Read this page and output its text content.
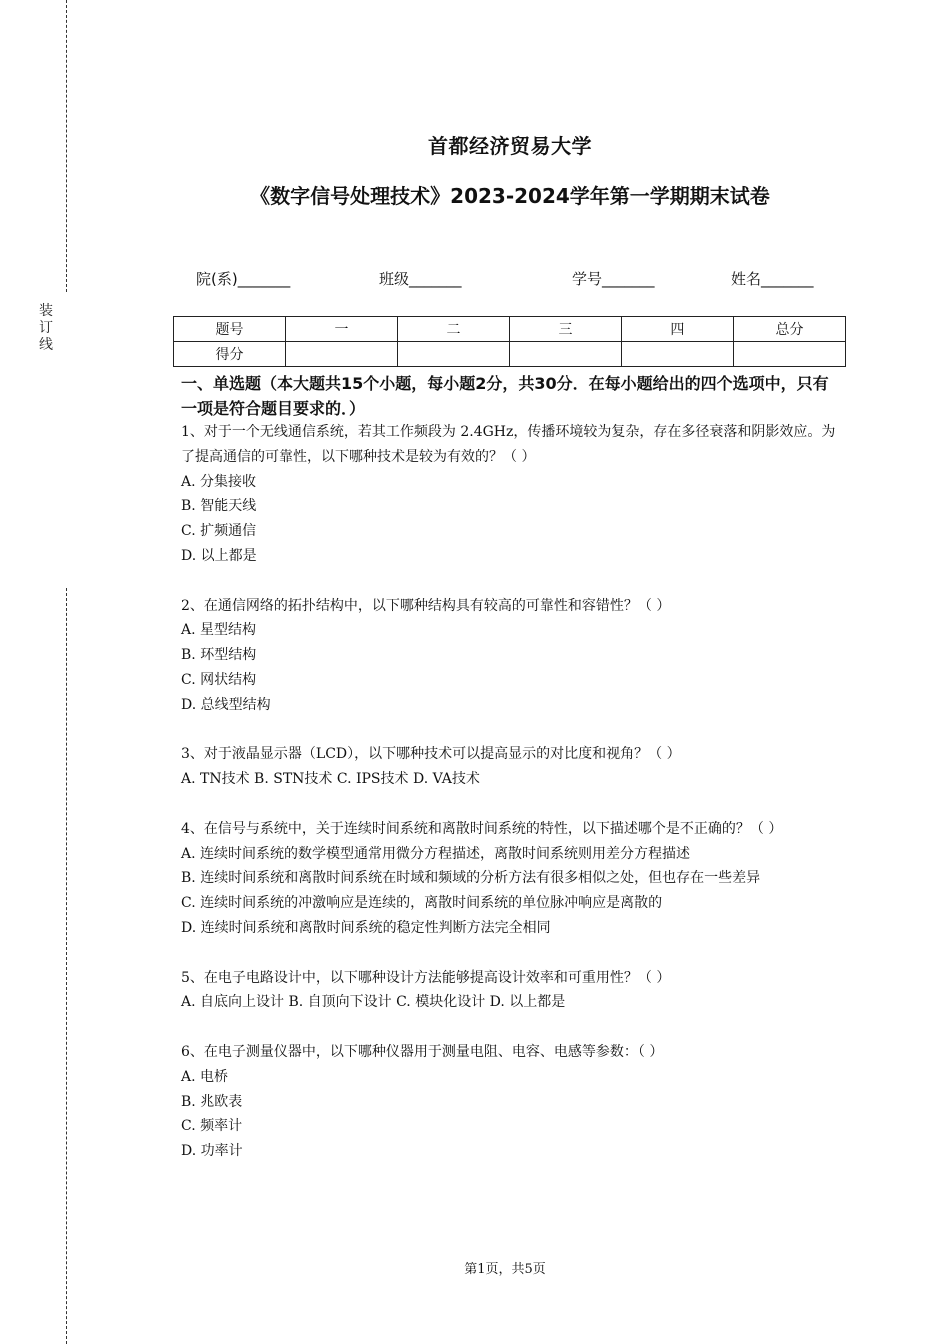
装订线
首都经济贸易大学
《数字信号处理技术》2023-2024学年第一学期期末试卷
院(系)_______	班级_______	学号_______	姓名_______
题号	一	二	三	四	总分
得分					
一、单选题（本大题共15个小题，每小题2分，共30分．在每小题给出的四个选项中，只有一项是符合题目要求的．）

1、对于一个无线通信系统，若其工作频段为 2.4GHz，传播环境较为复杂，存在多径衰落和阴影效应。为了提高通信的可靠性，以下哪种技术是较为有效的？（ ）

A. 分集接收

B. 智能天线

C. 扩频通信

D. 以上都是

2、在通信网络的拓扑结构中，以下哪种结构具有较高的可靠性和容错性？（ ）

A. 星型结构

B. 环型结构

C. 网状结构

D. 总线型结构

3、对于液晶显示器（LCD），以下哪种技术可以提高显示的对比度和视角？（ ）

A. TN技术 B. STN技术 C. IPS技术 D. VA技术

4、在信号与系统中，关于连续时间系统和离散时间系统的特性，以下描述哪个是不正确的？（ ）

A. 连续时间系统的数学模型通常用微分方程描述，离散时间系统则用差分方程描述

B. 连续时间系统和离散时间系统在时域和频域的分析方法有很多相似之处，但也存在一些差异

C. 连续时间系统的冲激响应是连续的，离散时间系统的单位脉冲响应是离散的

D. 连续时间系统和离散时间系统的稳定性判断方法完全相同

5、在电子电路设计中，以下哪种设计方法能够提高设计效率和可重用性？（ ）

A. 自底向上设计 B. 自顶向下设计 C. 模块化设计 D. 以上都是

6、在电子测量仪器中，以下哪种仪器用于测量电阻、电容、电感等参数：（ ）

A. 电桥

B. 兆欧表

C. 频率计

D. 功率计

第1页，共5页
